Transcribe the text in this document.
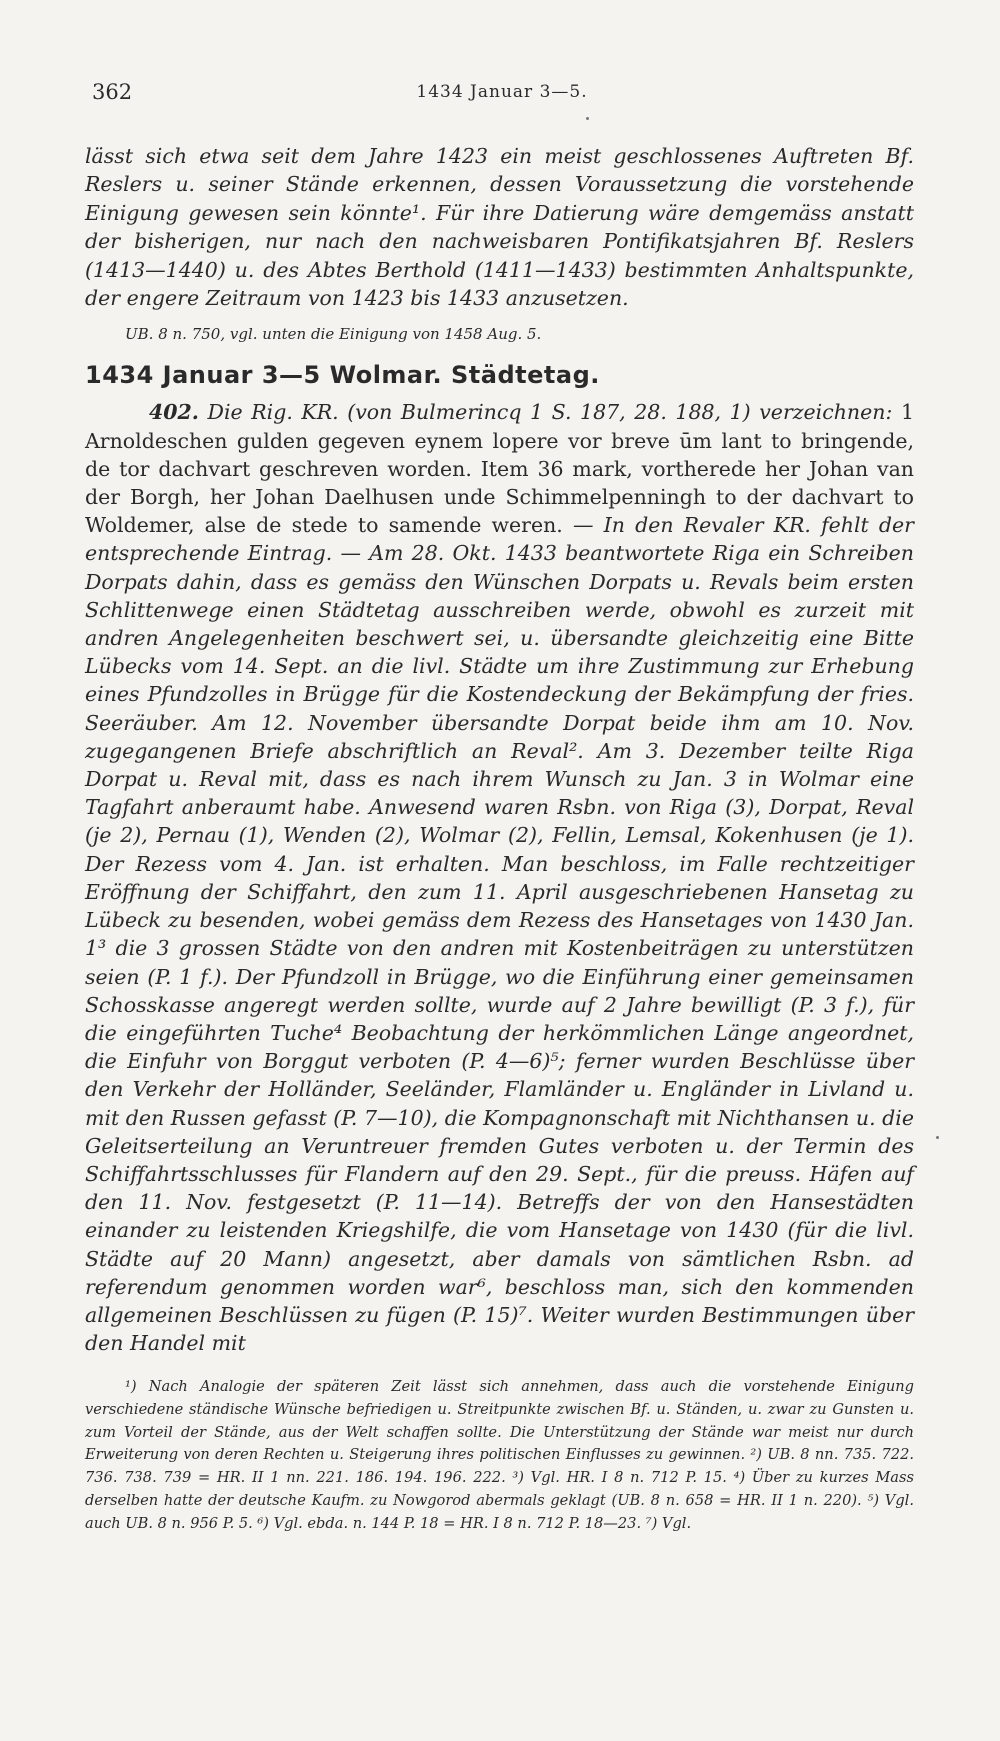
362	1434 Januar 3—5.

lässt sich etwa seit dem Jahre 1423 ein meist geschlossenes Auftreten Bf. Reslers u. seiner Stände erkennen, dessen Voraussetzung die vorstehende Einigung gewesen sein könnte¹. Für ihre Datierung wäre demgemäss anstatt der bisherigen, nur nach den nachweisbaren Pontifikatsjahren Bf. Reslers (1413—1440) u. des Abtes Berthold (1411—1433) bestimmten Anhaltspunkte, der engere Zeitraum von 1423 bis 1433 anzusetzen.

UB. 8 n. 750, vgl. unten die Einigung von 1458 Aug. 5.
1434 Januar 3—5 Wolmar. Städtetag.

402. Die Rig. KR. (von Bulmerincq 1 S. 187, 28. 188, 1) verzeichnen: 1 Arnoldeschen gulden gegeven eynem lopere vor breve ūm lant to bringende, de tor dachvart geschreven worden. Item 36 mark, vortherede her Johan van der Borgh, her Johan Daelhusen unde Schimmelpenningh to der dachvart to Woldemer, alse de stede to samende weren. — In den Revaler KR. fehlt der entsprechende Eintrag. — Am 28. Okt. 1433 beantwortete Riga ein Schreiben Dorpats dahin, dass es gemäss den Wünschen Dorpats u. Revals beim ersten Schlittenwege einen Städtetag ausschreiben werde, obwohl es zurzeit mit andren Angelegenheiten beschwert sei, u. übersandte gleichzeitig eine Bitte Lübecks vom 14. Sept. an die livl. Städte um ihre Zustimmung zur Erhebung eines Pfundzolles in Brügge für die Kostendeckung der Bekämpfung der fries. Seeräuber. Am 12. November übersandte Dorpat beide ihm am 10. Nov. zugegangenen Briefe abschriftlich an Reval². Am 3. Dezember teilte Riga Dorpat u. Reval mit, dass es nach ihrem Wunsch zu Jan. 3 in Wolmar eine Tagfahrt anberaumt habe. Anwesend waren Rsbn. von Riga (3), Dorpat, Reval (je 2), Pernau (1), Wenden (2), Wolmar (2), Fellin, Lemsal, Kokenhusen (je 1). Der Rezess vom 4. Jan. ist erhalten. Man beschloss, im Falle rechtzeitiger Eröffnung der Schiffahrt, den zum 11. April ausgeschriebenen Hansetag zu Lübeck zu besenden, wobei gemäss dem Rezess des Hansetages von 1430 Jan. 1³ die 3 grossen Städte von den andren mit Kostenbeiträgen zu unterstützen seien (P. 1 f.). Der Pfundzoll in Brügge, wo die Einführung einer gemeinsamen Schosskasse angeregt werden sollte, wurde auf 2 Jahre bewilligt (P. 3 f.), für die eingeführten Tuche⁴ Beobachtung der herkömmlichen Länge angeordnet, die Einfuhr von Borggut verboten (P. 4—6)⁵; ferner wurden Beschlüsse über den Verkehr der Holländer, Seeländer, Flamländer u. Engländer in Livland u. mit den Russen gefasst (P. 7—10), die Kompagnonschaft mit Nichthansen u. die Geleitserteilung an Veruntreuer fremden Gutes verboten u. der Termin des Schiffahrtsschlusses für Flandern auf den 29. Sept., für die preuss. Häfen auf den 11. Nov. festgesetzt (P. 11—14). Betreffs der von den Hansestädten einander zu leistenden Kriegshilfe, die vom Hansetage von 1430 (für die livl. Städte auf 20 Mann) angesetzt, aber damals von sämtlichen Rsbn. ad referendum genommen worden war⁶, beschloss man, sich den kommenden allgemeinen Beschlüssen zu fügen (P. 15)⁷. Weiter wurden Bestimmungen über den Handel mit

¹) Nach Analogie der späteren Zeit lässt sich annehmen, dass auch die vorstehende Einigung verschiedene ständische Wünsche befriedigen u. Streitpunkte zwischen Bf. u. Ständen, u. zwar zu Gunsten u. zum Vorteil der Stände, aus der Welt schaffen sollte. Die Unterstützung der Stände war meist nur durch Erweiterung von deren Rechten u. Steigerung ihres politischen Einflusses zu gewinnen. ²) UB. 8 nn. 735. 722. 736. 738. 739 = HR. II 1 nn. 221. 186. 194. 196. 222. ³) Vgl. HR. I 8 n. 712 P. 15. ⁴) Über zu kurzes Mass derselben hatte der deutsche Kaufm. zu Nowgorod abermals geklagt (UB. 8 n. 658 = HR. II 1 n. 220). ⁵) Vgl. auch UB. 8 n. 956 P. 5. ⁶) Vgl. ebda. n. 144 P. 18 = HR. I 8 n. 712 P. 18—23. ⁷) Vgl.
